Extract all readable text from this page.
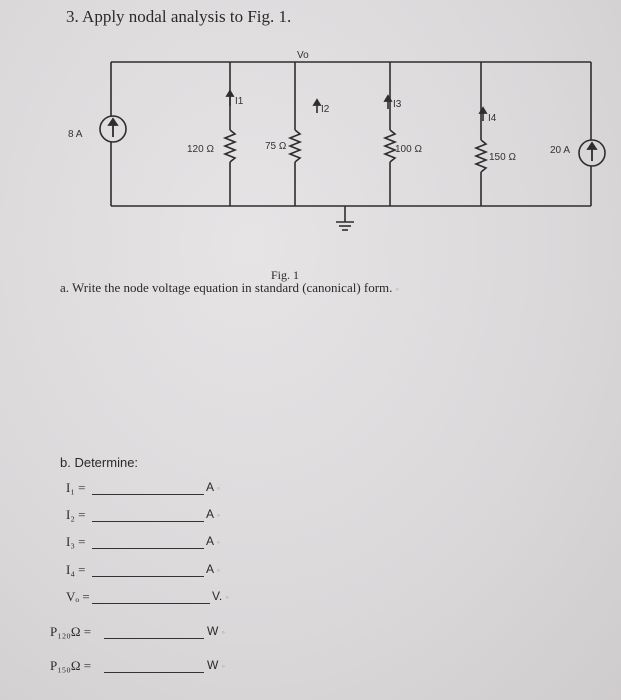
3. Apply nodal analysis to Fig. 1.
8 A
20 A
120 Ω	75 Ω	100 Ω
150 Ω
I1
I2	I3
I4
Vo
Fig. 1
a. Write the node voltage equation in standard (canonical) form. ◦
b. Determine:
I₁ =	A ◦
I₂ =	A ◦
I₃ =	A ◦
I₄ =	A ◦
Vₒ =	V. ◦
P₁₂₀Ω =	W ◦
P₁₅₀Ω =	W ◦
